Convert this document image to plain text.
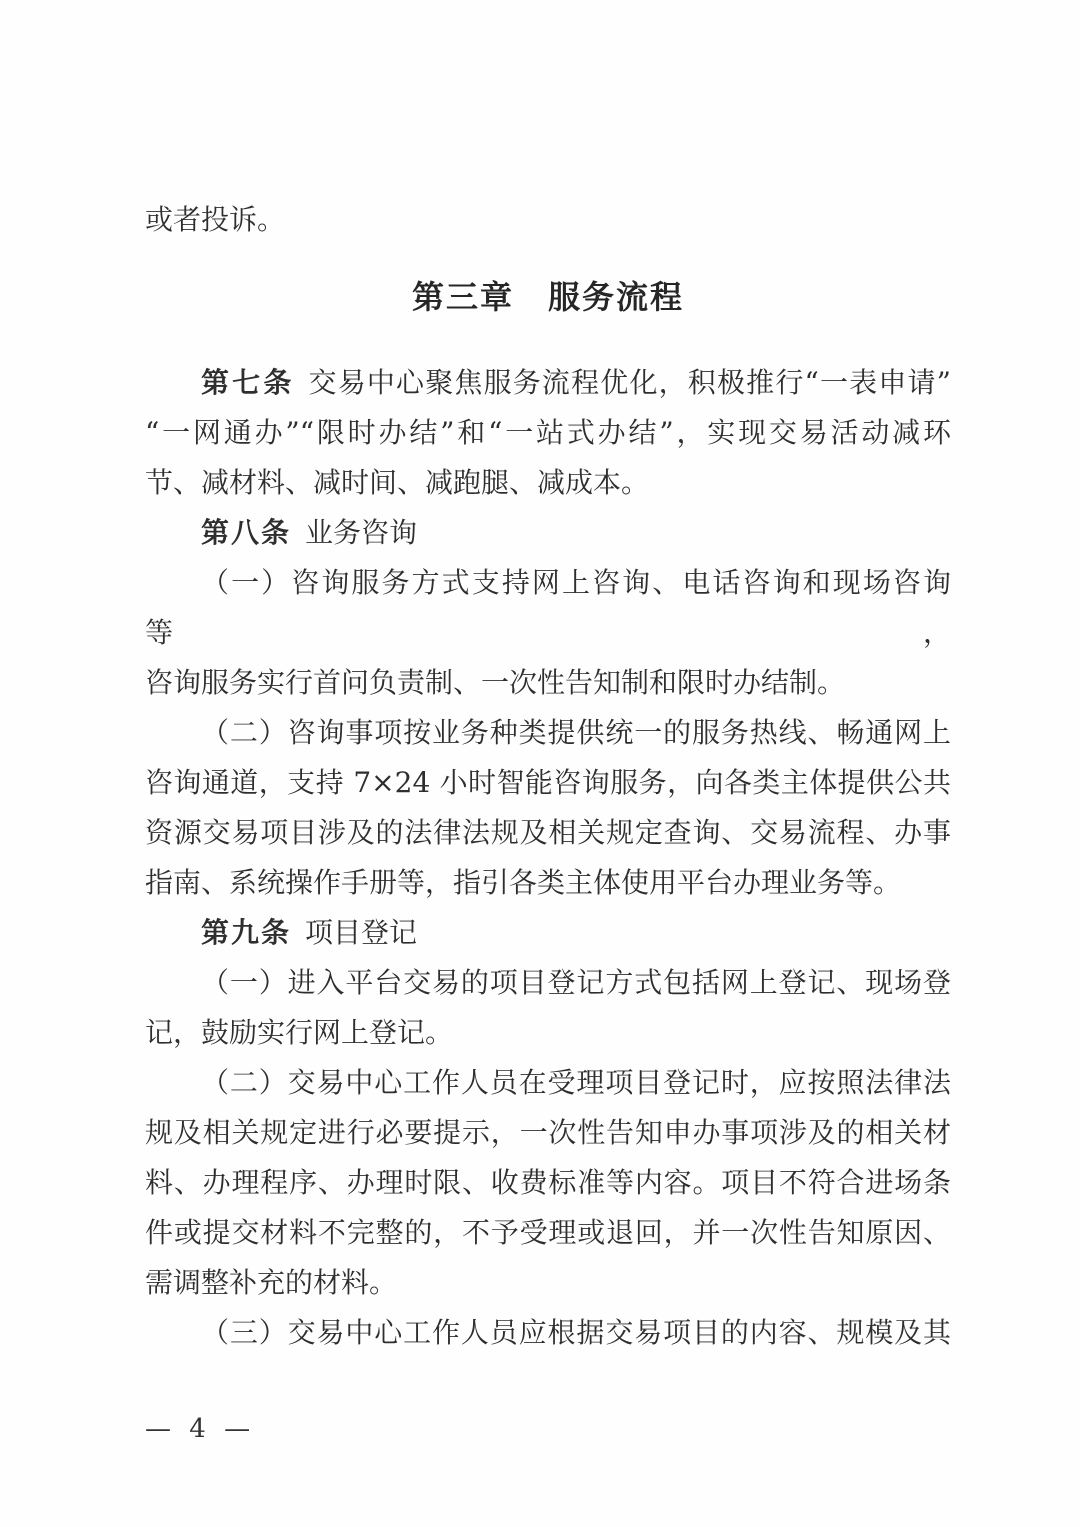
或者投诉。
第三章　服务流程
第七条 交易中心聚焦服务流程优化，积极推行“一表申请”
“一网通办”“限时办结”和“一站式办结”，实现交易活动减环
节、减材料、减时间、减跑腿、减成本。
第八条 业务咨询
（一）咨询服务方式支持网上咨询、电话咨询和现场咨询等，
咨询服务实行首问负责制、一次性告知制和限时办结制。
（二）咨询事项按业务种类提供统一的服务热线、畅通网上
咨询通道，支持 7×24 小时智能咨询服务，向各类主体提供公共
资源交易项目涉及的法律法规及相关规定查询、交易流程、办事
指南、系统操作手册等，指引各类主体使用平台办理业务等。
第九条 项目登记
（一）进入平台交易的项目登记方式包括网上登记、现场登
记，鼓励实行网上登记。
（二）交易中心工作人员在受理项目登记时，应按照法律法
规及相关规定进行必要提示，一次性告知申办事项涉及的相关材
料、办理程序、办理时限、收费标准等内容。项目不符合进场条
件或提交材料不完整的，不予受理或退回，并一次性告知原因、
需调整补充的材料。
（三）交易中心工作人员应根据交易项目的内容、规模及其
— 4 —
